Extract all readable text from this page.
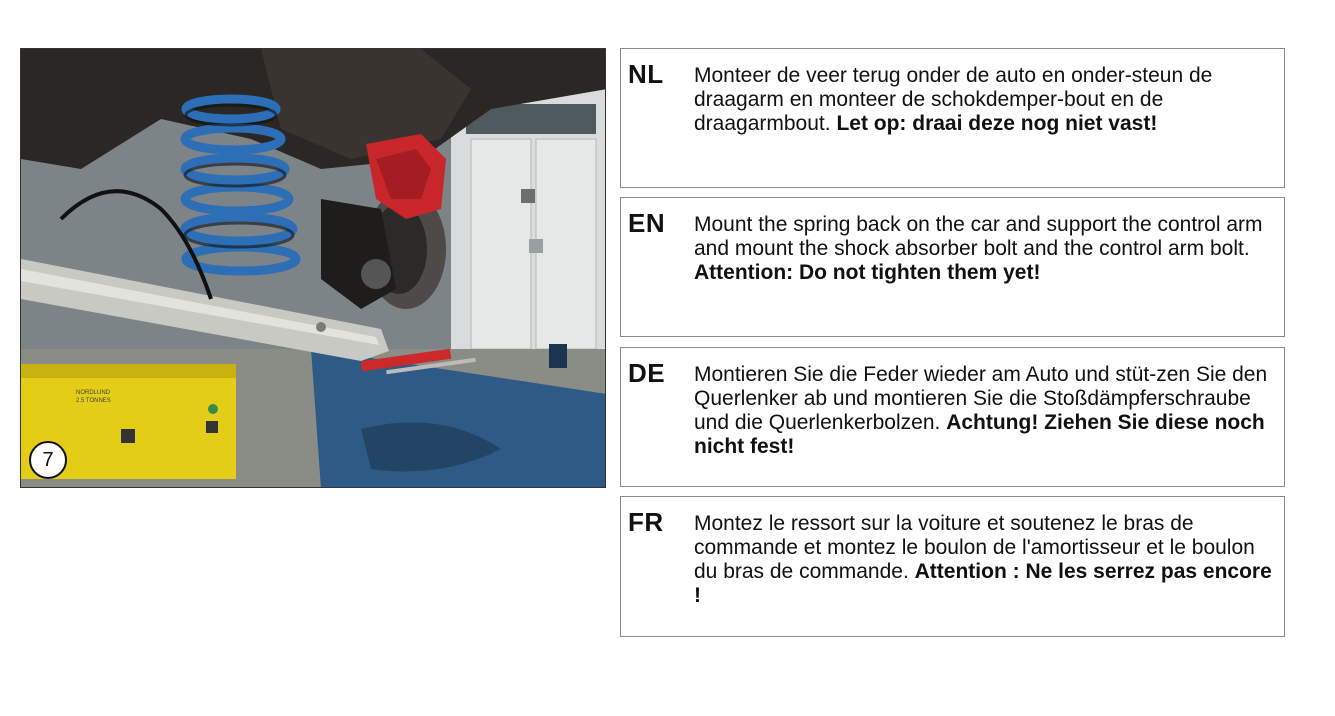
NORDLUND
2.5 TONNES
7
NL Monteer de veer terug onder de auto en onder-steun de draagarm en monteer de schokdemper-bout en de draagarmbout. Let op: draai deze nog niet vast!
EN Mount the spring back on the car and support the control arm and mount the shock absorber bolt and the control arm bolt. Attention: Do not tighten them yet!
DE Montieren Sie die Feder wieder am Auto und stüt-zen Sie den Querlenker ab und montieren Sie die Stoßdämpferschraube und die Querlenkerbolzen. Achtung! Ziehen Sie diese noch nicht fest!
FR Montez le ressort sur la voiture et soutenez le bras de commande et montez le boulon de l'amortisseur et le boulon du bras de commande. Attention : Ne les serrez pas encore !
